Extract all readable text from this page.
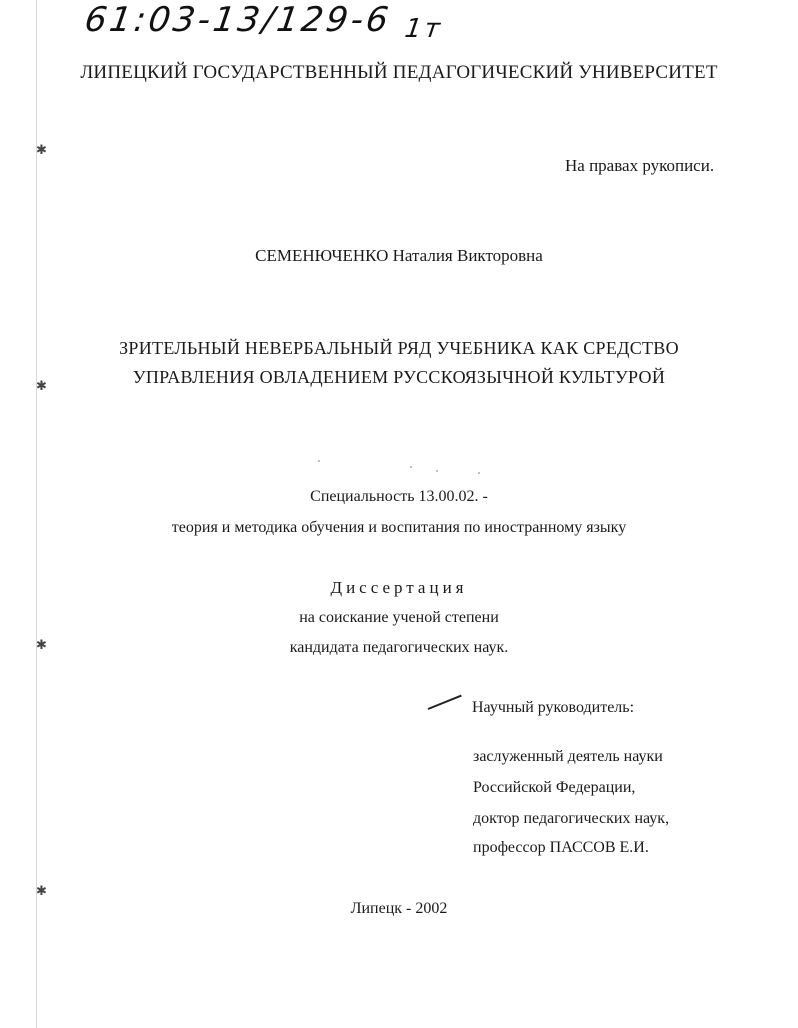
✱
✱
✱
✱
61:03-13/129-6 1т
ЛИПЕЦКИЙ ГОСУДАРСТВЕННЫЙ ПЕДАГОГИЧЕСКИЙ УНИВЕРСИТЕТ
На правах рукописи.
СЕМЕНЮЧЕНКО Наталия Викторовна
ЗРИТЕЛЬНЫЙ НЕВЕРБАЛЬНЫЙ РЯД УЧЕБНИКА КАК СРЕДСТВО
УПРАВЛЕНИЯ ОВЛАДЕНИЕМ РУССКОЯЗЫЧНОЙ КУЛЬТУРОЙ
Специальность 13.00.02. -
теория и методика обучения и воспитания по иностранному языку
Диссертация
на соискание ученой степени
кандидата педагогических наук.
Научный руководитель:
заслуженный деятель науки
Российской Федерации,
доктор педагогических наук,
профессор ПАССОВ Е.И.
Липецк - 2002
